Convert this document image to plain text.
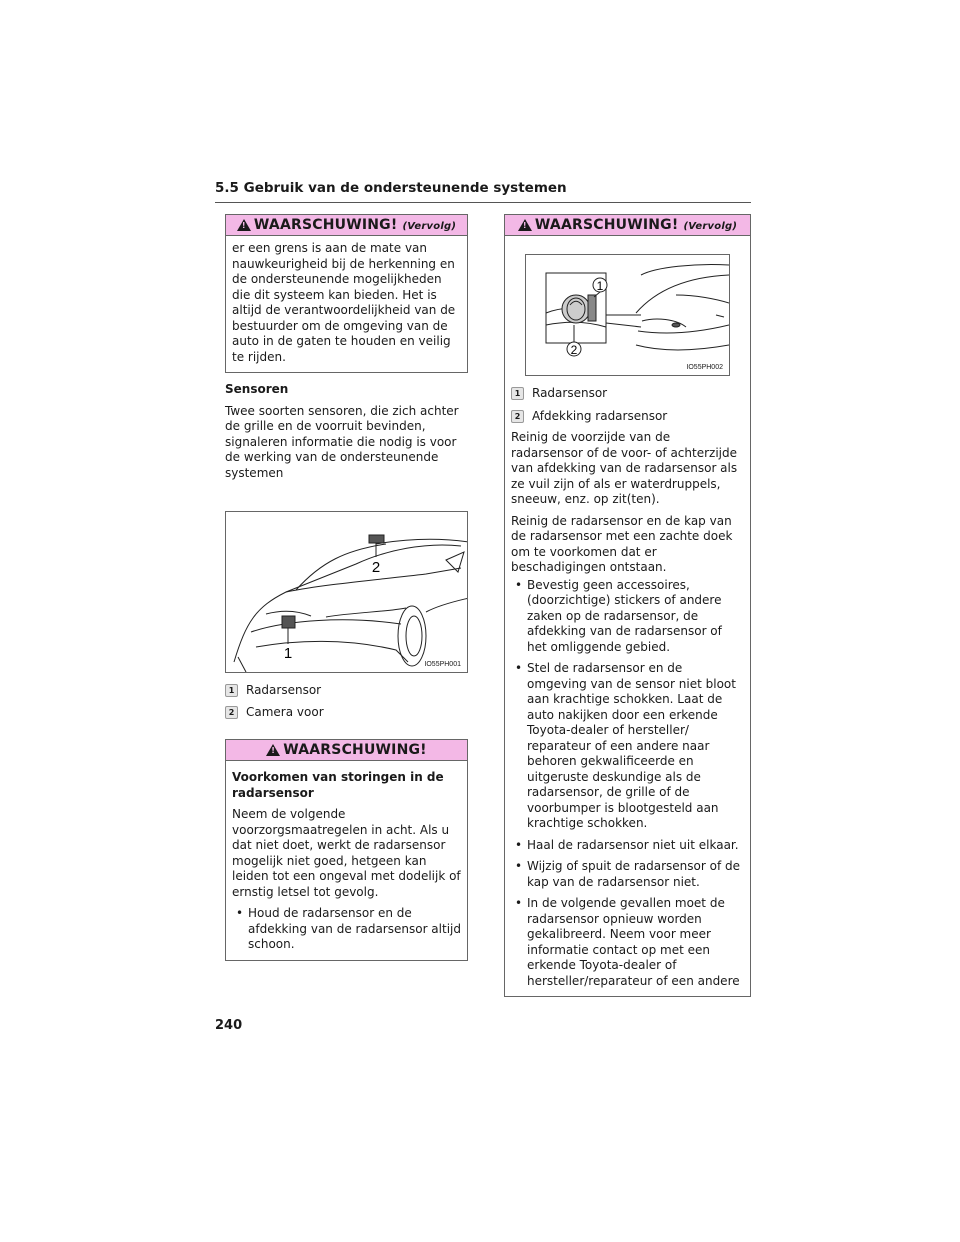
5.5 Gebruik van de ondersteunende systemen
!
WAARSCHUWING! (Vervolg)
er een grens is aan de mate van nauwkeurigheid bij de herkenning en de ondersteunende mogelijkheden die dit systeem kan bieden. Het is altijd de verantwoordelijkheid van de bestuurder om de omgeving van de auto in de gaten te houden en veilig te rijden.

Sensoren

Twee soorten sensoren, die zich achter de grille en de voorruit bevinden, signaleren informatie die nodig is voor de werking van de ondersteunende systemen

1
2
IO55PH001
1 Radarsensor
2 Camera voor
!
WAARSCHUWING!

Voorkomen van storingen in de radarsensor

Neem de volgende voorzorgsmaatregelen in acht. Als u dat niet doet, werkt de radarsensor mogelijk niet goed, hetgeen kan leiden tot een ongeval met dodelijk of ernstig letsel tot gevolg.

• Houd de radarsensor en de afdekking van de radarsensor altijd schoon.
!
WAARSCHUWING! (Vervolg)
1
2
IO55PH002
1 Radarsensor
2 Afdekking radarsensor

Reinig de voorzijde van de radarsensor of de voor- of achterzijde van afdekking van de radarsensor als ze vuil zijn of als er waterdruppels, sneeuw, enz. op zit(ten).

Reinig de radarsensor en de kap van de radarsensor met een zachte doek om te voorkomen dat er beschadigingen ontstaan.

• Bevestig geen accessoires, (doorzichtige) stickers of andere zaken op de radarsensor, de afdekking van de radarsensor of het omliggende gebied.
• Stel de radarsensor en de omgeving van de sensor niet bloot aan krachtige schokken. Laat de auto nakijken door een erkende Toyota-dealer of hersteller/ reparateur of een andere naar behoren gekwalificeerde en uitgeruste deskundige als de radarsensor, de grille of de voorbumper is blootgesteld aan krachtige schokken.
• Haal de radarsensor niet uit elkaar.
• Wijzig of spuit de radarsensor of de kap van de radarsensor niet.
• In de volgende gevallen moet de radarsensor opnieuw worden gekalibreerd. Neem voor meer informatie contact op met een erkende Toyota-dealer of hersteller/reparateur of een andere
240
